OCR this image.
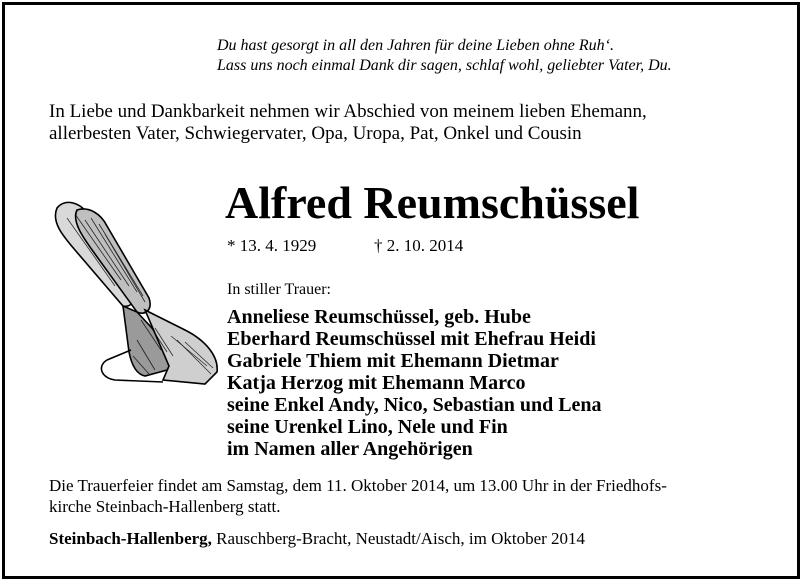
Du hast gesorgt in all den Jahren für deine Lieben ohne Ruh‘.
Lass uns noch einmal Dank dir sagen, schlaf wohl, geliebter Vater, Du.
In Liebe und Dankbarkeit nehmen wir Abschied von meinem lieben Ehemann,
allerbesten Vater, Schwiegervater, Opa, Uropa, Pat, Onkel und Cousin
Alfred Reumschüssel
* 13. 4. 1929	† 2. 10. 2014
In stiller Trauer:
Anneliese Reumschüssel, geb. Hube
Eberhard Reumschüssel mit Ehefrau Heidi
Gabriele Thiem mit Ehemann Dietmar
Katja Herzog mit Ehemann Marco
seine Enkel Andy, Nico, Sebastian und Lena
seine Urenkel Lino, Nele und Fin
im Namen aller Angehörigen
Die Trauerfeier findet am Samstag, dem 11. Oktober 2014, um 13.00 Uhr in der Friedhofs-
kirche Steinbach-Hallenberg statt.
Steinbach-Hallenberg, Rauschberg-Bracht, Neustadt/Aisch, im Oktober 2014
